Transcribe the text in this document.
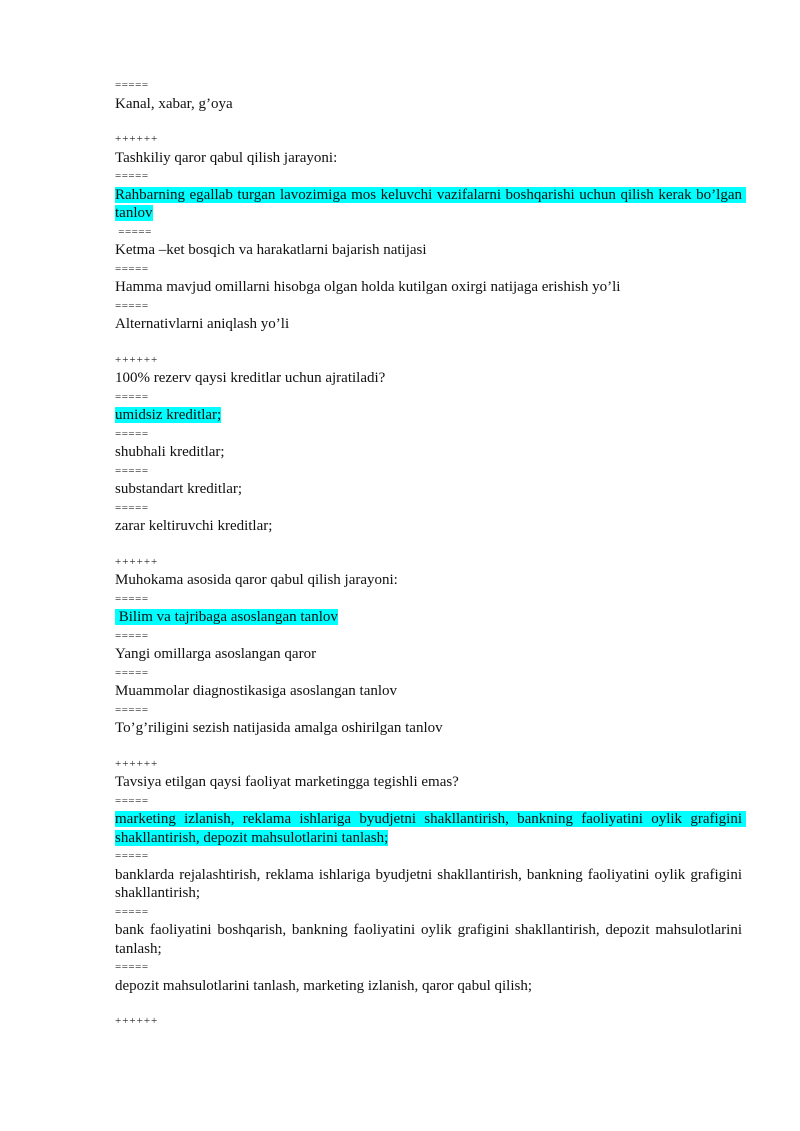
=====

Kanal, xabar, g’oya

++++++

Tashkiliy qaror qabul qilish jarayoni:

=====

Rahbarning egallab turgan lavozimiga mos keluvchi vazifalarni boshqarishi uchun qilish kerak bo’lgan tanlov

=====

Ketma –ket bosqich va harakatlarni bajarish natijasi

=====

Hamma mavjud omillarni hisobga olgan holda kutilgan oxirgi natijaga erishish yo’li

=====

Alternativlarni aniqlash yo’li

++++++

100% rezerv qaysi kreditlar uchun ajratiladi?

=====

umidsiz kreditlar;

=====

shubhali kreditlar;

=====

substandart kreditlar;

=====

zarar keltiruvchi kreditlar;

++++++

Muhokama asosida qaror qabul qilish jarayoni:

=====

Bilim va tajribaga asoslangan tanlov

=====

Yangi omillarga asoslangan qaror

=====

Muammolar diagnostikasiga asoslangan tanlov

=====

To’g’riligini sezish natijasida amalga oshirilgan tanlov

++++++

Tavsiya etilgan qaysi faoliyat marketingga tegishli emas?

=====

marketing izlanish, reklama ishlariga byudjetni shakllantirish, bankning faoliyatini oylik grafigini shakllantirish, depozit mahsulotlarini tanlash;

=====

banklarda rejalashtirish, reklama ishlariga byudjetni shakllantirish, bankning faoliyatini oylik grafigini shakllantirish;

=====

bank faoliyatini boshqarish, bankning faoliyatini oylik grafigini shakllantirish, depozit mahsulotlarini tanlash;

=====

depozit mahsulotlarini tanlash, marketing izlanish, qaror qabul qilish;

++++++
